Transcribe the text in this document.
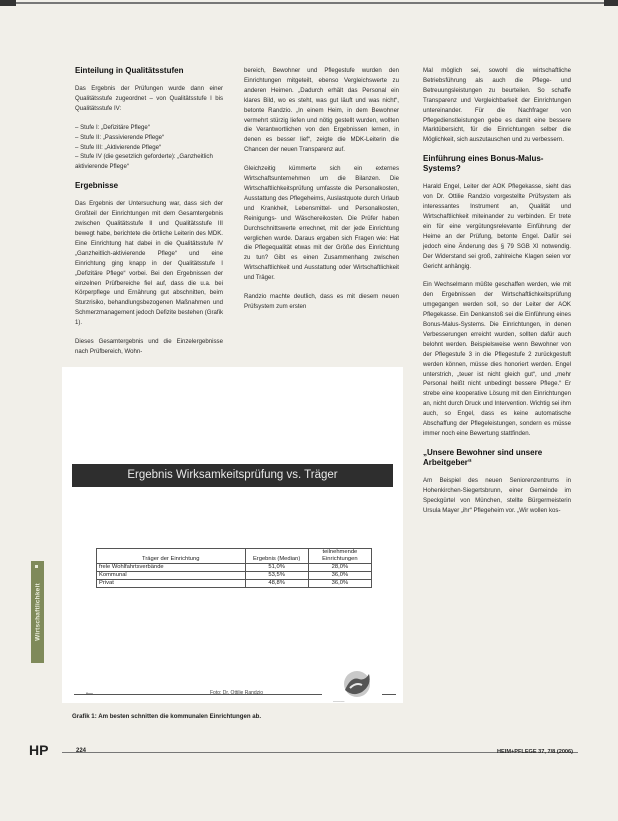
Einteilung in Qualitätsstufen

Das Ergebnis der Prüfungen wurde dann einer Qualitätsstufe zugeordnet – von Qualitätsstufe I bis Qualitätsstufe IV:

– Stufe I: „Defizitäre Pflege“
– Stufe II: „Passivierende Pflege“
– Stufe III: „Aktivierende Pflege“
– Stufe IV (die gesetzlich geforderte): „Ganzheitlich aktivierende Pflege“
Ergebnisse

Das Ergebnis der Untersuchung war, dass sich der Großteil der Einrichtungen mit dem Gesamtergebnis zwischen Qualitätsstufe II und Qualitätsstufe III bewegt habe, berichtete die örtliche Leiterin des MDK. Eine Einrichtung hat dabei in die Qualitätsstufe IV „Ganzheitlich-aktivierende Pflege“ und eine Einrichtung ging knapp in der Qualitätsstufe I „Defizitäre Pflege“ vorbei. Bei den Ergebnissen der einzelnen Prüfbereiche fiel auf, dass die u.a. bei Körperpflege und Ernährung gut abschnitten, beim Sturzrisiko, behandlungsbezogenen Maßnahmen und Schmerzmanagement jedoch Defizite bestehen (Grafik 1).

Dieses Gesamtergebnis und die Einzelergebnisse nach Prüfbereich, Wohn-

bereich, Bewohner und Pflegestufe wurden den Einrichtungen mitgeteilt, ebenso Vergleichswerte zu anderen Heimen. „Dadurch erhält das Personal ein klares Bild, wo es steht, was gut läuft und was nicht“, betonte Randzio. „In einem Heim, in dem Bewohner vermehrt stürzig liefen und nötig gestellt wurden, wollten die Verantwortlichen von den Ergebnissen lernen, in denen es besser lief“, zeigte die MDK-Leiterin die Chancen der neuen Transparenz auf.

Gleichzeitig kümmerte sich ein externes Wirtschaftsunternehmen um die Bilanzen. Die Wirtschaftlichkeitsprüfung umfasste die Personalkosten, Ausstattung des Pflegeheims, Auslastquote durch Urlaub und Krankheit, Lebensmittel- und Personalkosten, Reinigungs- und Wäschereikosten. Die Prüfer haben Durchschnittswerte errechnet, mit der jede Einrichtung verglichen wurde. Daraus ergaben sich Fragen wie: Hat die Pflegequalität etwas mit der Größe des Einrichtung zu tun? Gibt es einen Zusammenhang zwischen Wirtschaftlichkeit und Ausstattung oder Wirtschaftlichkeit und Träger.

Randzio machte deutlich, dass es mit diesem neuen Prüfsystem zum ersten

Mal möglich sei, sowohl die wirtschaftliche Betriebsführung als auch die Pflege- und Betreuungsleistungen zu beurteilen. So schaffe Transparenz und Vergleichbarkeit der Einrichtungen untereinander. Für die Nachfrager von Pflegedienstleistungen gebe es damit eine bessere Marktübersicht, für die Einrichtungen selber die Möglichkeit, sich auszutauschen und zu verbessern.

Einführung eines Bonus-Malus-Systems?

Harald Engel, Leiter der AOK Pflegekasse, sieht das von Dr. Ottilie Randzio vorgestellte Prüfsystem als interessantes Instrument an, Qualität und Wirtschaftlichkeit miteinander zu verbinden. Er trete ein für eine vergütungsrelevante Einführung der Heime an der Prüfung, betonte Engel. Dafür sei jedoch eine Änderung des § 79 SGB XI notwendig. Der Widerstand sei groß, zahlreiche Klagen seien vor Gericht anhängig.

Ein Wechselmann müßte geschaffen werden, wie mit den Ergebnissen der Wirtschaftlichkeitsprüfung umgegangen werden soll, so der Leiter der AOK Pflegekasse. Ein Denkanstoß sei die Einführung eines Bonus-Malus-Systems. Die Einrichtungen, in denen Verbesserungen erreicht wurden, sollten dafür auch belohnt werden. Beispielsweise wenn Bewohner von der Pflegestufe 3 in die Pflegestufe 2 zurückgestuft werden können, müsse dies honoriert werden. Engel unterstrich, „teuer ist nicht gleich gut“, und „mehr Personal heißt nicht unbedingt bessere Pflege.“ Er strebe eine kooperative Lösung mit den Einrichtungen an, nicht durch Druck und Intervention. Wichtig sei ihm auch, so Engel, dass es keine automatische Abschaffung der Pflegeleistungen, sondern es müsse immer noch eine Bewertung stattfinden.

„Unsere Bewohner sind unsere Arbeitgeber“

Am Beispiel des neuen Seniorenzentrums in Hohenkirchen-Siegertsbrunn, einer Gemeinde im Speckgürtel von München, stellte Bürgermeisterin Ursula Mayer „ihr“ Pflegeheim vor. „Wir wollen kos-

Ergebnis Wirksamkeitsprüfung vs. Träger
Träger der Einrichtung	Ergebnis (Median)	teilnehmende Einrichtungen
frele Wohlfahrtsverbände	51,0%	28,0%
Kommunal	53,5%	36,0%
Privat	48,8%	36,0%
⟵	Foto: Dr. Ottilie Randzio
———
Grafik 1: Am besten schnitten die kommunalen Einrichtungen ab.
Wirtschaftlichkeit
HP	224	HEIM+PFLEGE 37, 7/8 (2006)
